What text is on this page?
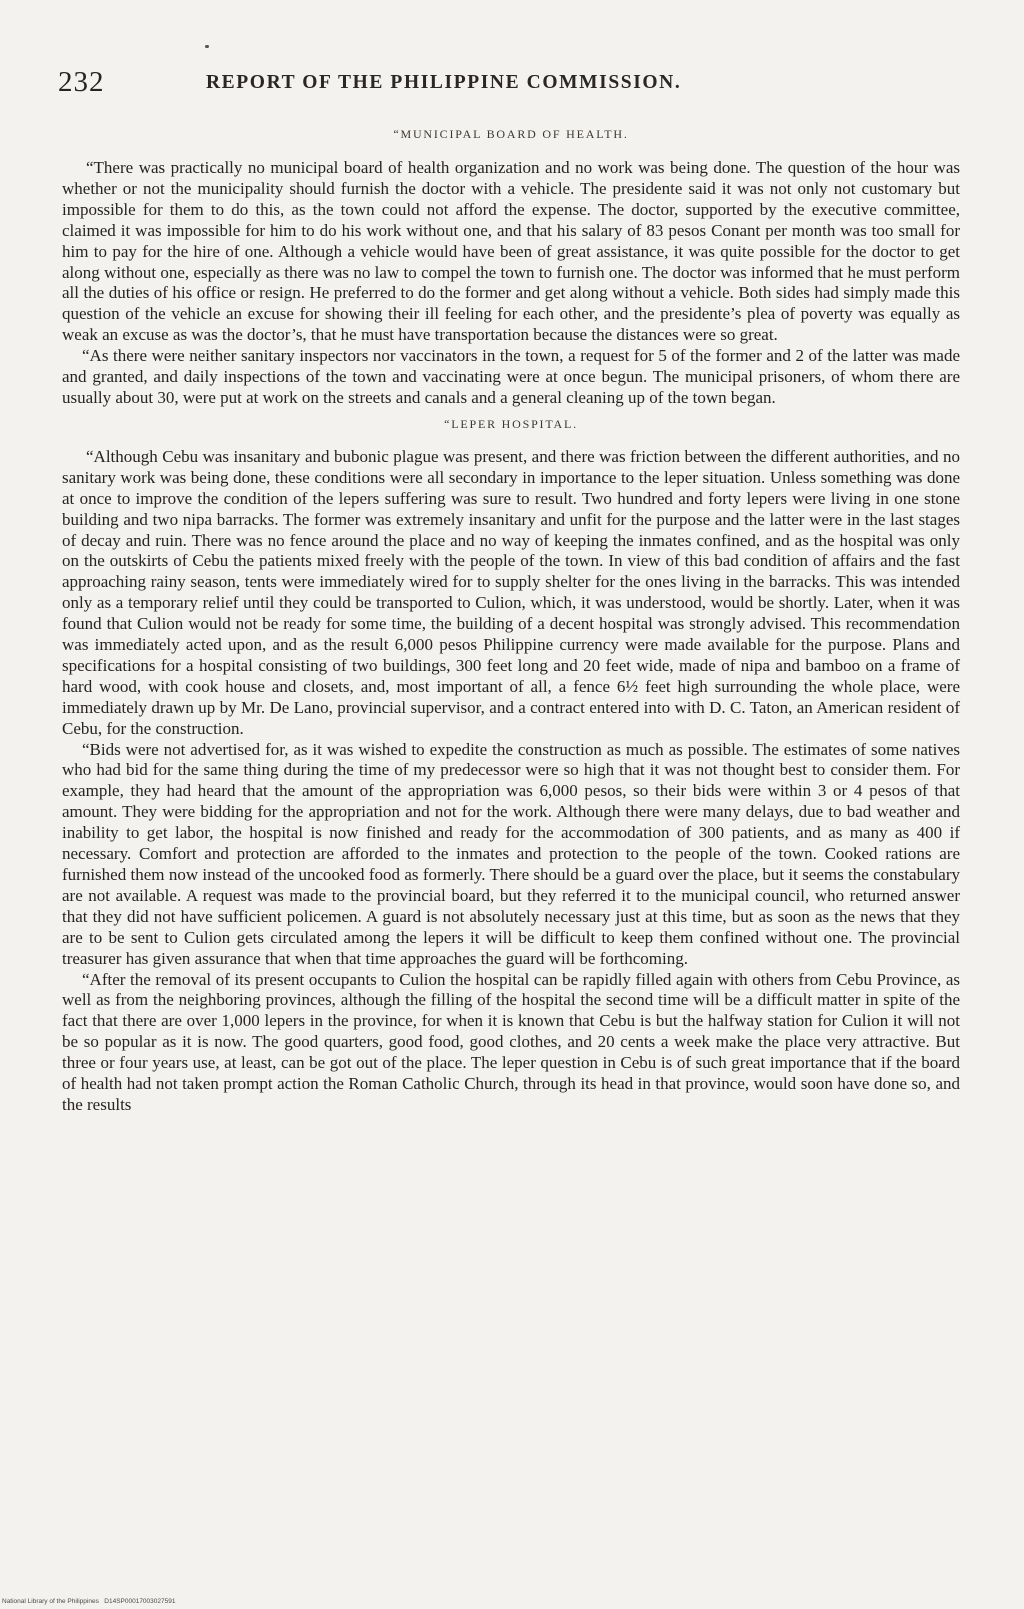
232	REPORT OF THE PHILIPPINE COMMISSION.
“MUNICIPAL BOARD OF HEALTH.

“There was practically no municipal board of health organization and no work was being done. The question of the hour was whether or not the municipality should furnish the doctor with a vehicle. The presidente said it was not only not customary but impossible for them to do this, as the town could not afford the expense. The doctor, supported by the executive committee, claimed it was impossible for him to do his work without one, and that his salary of 83 pesos Conant per month was too small for him to pay for the hire of one. Although a vehicle would have been of great assistance, it was quite possible for the doctor to get along without one, especially as there was no law to compel the town to furnish one. The doctor was informed that he must perform all the duties of his office or resign. He preferred to do the former and get along without a vehicle. Both sides had simply made this question of the vehicle an excuse for showing their ill feeling for each other, and the presidente’s plea of poverty was equally as weak an excuse as was the doctor’s, that he must have transportation because the distances were so great.

“As there were neither sanitary inspectors nor vaccinators in the town, a request for 5 of the former and 2 of the latter was made and granted, and daily inspections of the town and vaccinating were at once begun. The municipal prisoners, of whom there are usually about 30, were put at work on the streets and canals and a general cleaning up of the town began.

“LEPER HOSPITAL.

“Although Cebu was insanitary and bubonic plague was present, and there was friction between the different authorities, and no sanitary work was being done, these conditions were all secondary in importance to the leper situation. Unless something was done at once to improve the condition of the lepers suffering was sure to result. Two hundred and forty lepers were living in one stone building and two nipa barracks. The former was extremely insanitary and unfit for the purpose and the latter were in the last stages of decay and ruin. There was no fence around the place and no way of keeping the inmates confined, and as the hospital was only on the outskirts of Cebu the patients mixed freely with the people of the town. In view of this bad condition of affairs and the fast approaching rainy season, tents were immediately wired for to supply shelter for the ones living in the barracks. This was intended only as a temporary relief until they could be transported to Culion, which, it was understood, would be shortly. Later, when it was found that Culion would not be ready for some time, the building of a decent hospital was strongly advised. This recommendation was immediately acted upon, and as the result 6,000 pesos Philippine currency were made available for the purpose. Plans and specifications for a hospital consisting of two buildings, 300 feet long and 20 feet wide, made of nipa and bamboo on a frame of hard wood, with cook house and closets, and, most important of all, a fence 6½ feet high surrounding the whole place, were immediately drawn up by Mr. De Lano, provincial supervisor, and a contract entered into with D. C. Taton, an American resident of Cebu, for the construction.

“Bids were not advertised for, as it was wished to expedite the construction as much as possible. The estimates of some natives who had bid for the same thing during the time of my predecessor were so high that it was not thought best to consider them. For example, they had heard that the amount of the appropriation was 6,000 pesos, so their bids were within 3 or 4 pesos of that amount. They were bidding for the appropriation and not for the work. Although there were many delays, due to bad weather and inability to get labor, the hospital is now finished and ready for the accommodation of 300 patients, and as many as 400 if necessary. Comfort and protection are afforded to the inmates and protection to the people of the town. Cooked rations are furnished them now instead of the uncooked food as formerly. There should be a guard over the place, but it seems the constabulary are not available. A request was made to the provincial board, but they referred it to the municipal council, who returned answer that they did not have sufficient policemen. A guard is not absolutely necessary just at this time, but as soon as the news that they are to be sent to Culion gets circulated among the lepers it will be difficult to keep them confined without one. The provincial treasurer has given assurance that when that time approaches the guard will be forthcoming.

“After the removal of its present occupants to Culion the hospital can be rapidly filled again with others from Cebu Province, as well as from the neighboring provinces, although the filling of the hospital the second time will be a difficult matter in spite of the fact that there are over 1,000 lepers in the province, for when it is known that Cebu is but the halfway station for Culion it will not be so popular as it is now. The good quarters, good food, good clothes, and 20 cents a week make the place very attractive. But three or four years use, at least, can be got out of the place. The leper question in Cebu is of such great importance that if the board of health had not taken prompt action the Roman Catholic Church, through its head in that province, would soon have done so, and the results

National Library of the Philippines D14SP00017003027591
